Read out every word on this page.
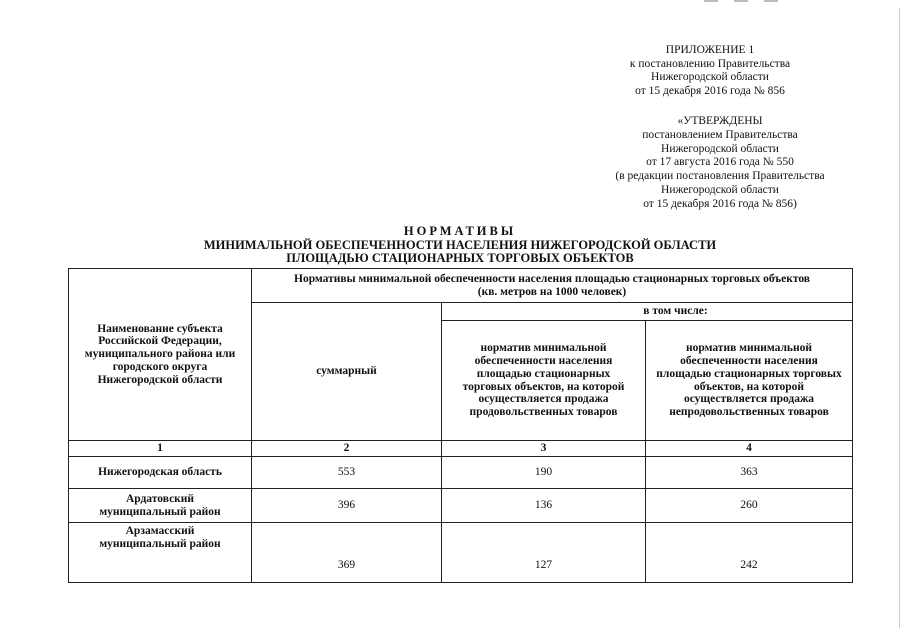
ПРИЛОЖЕНИЕ 1
к постановлению Правительства
Нижегородской области
от 15 декабря 2016 года № 856
«УТВЕРЖДЕНЫ
постановлением Правительства
Нижегородской области
от 17 августа 2016 года № 550
(в редакции постановления Правительства
Нижегородской области
от 15 декабря 2016 года № 856)
НОРМАТИВЫ
МИНИМАЛЬНОЙ ОБЕСПЕЧЕННОСТИ НАСЕЛЕНИЯ НИЖЕГОРОДСКОЙ ОБЛАСТИ
ПЛОЩАДЬЮ СТАЦИОНАРНЫХ ТОРГОВЫХ ОБЪЕКТОВ
Наименование субъекта Российской Федерации, муниципального района или городского округа Нижегородской области	Нормативы минимальной обеспеченности населения площадью стационарных торговых объектов (кв. метров на 1000 человек)		
	суммарный	в том числе:	
		норматив минимальной обеспеченности населения площадью стационарных торговых объектов, на которой осуществляется продажа продовольственных товаров	норматив минимальной обеспеченности населения площадью стационарных торговых объектов, на которой осуществляется продажа непродовольственных товаров
1	2	3	4
Нижегородская область	553	190	363
Ардатовский муниципальный район	396	136	260
Арзамасский муниципальный район	369	127	242
